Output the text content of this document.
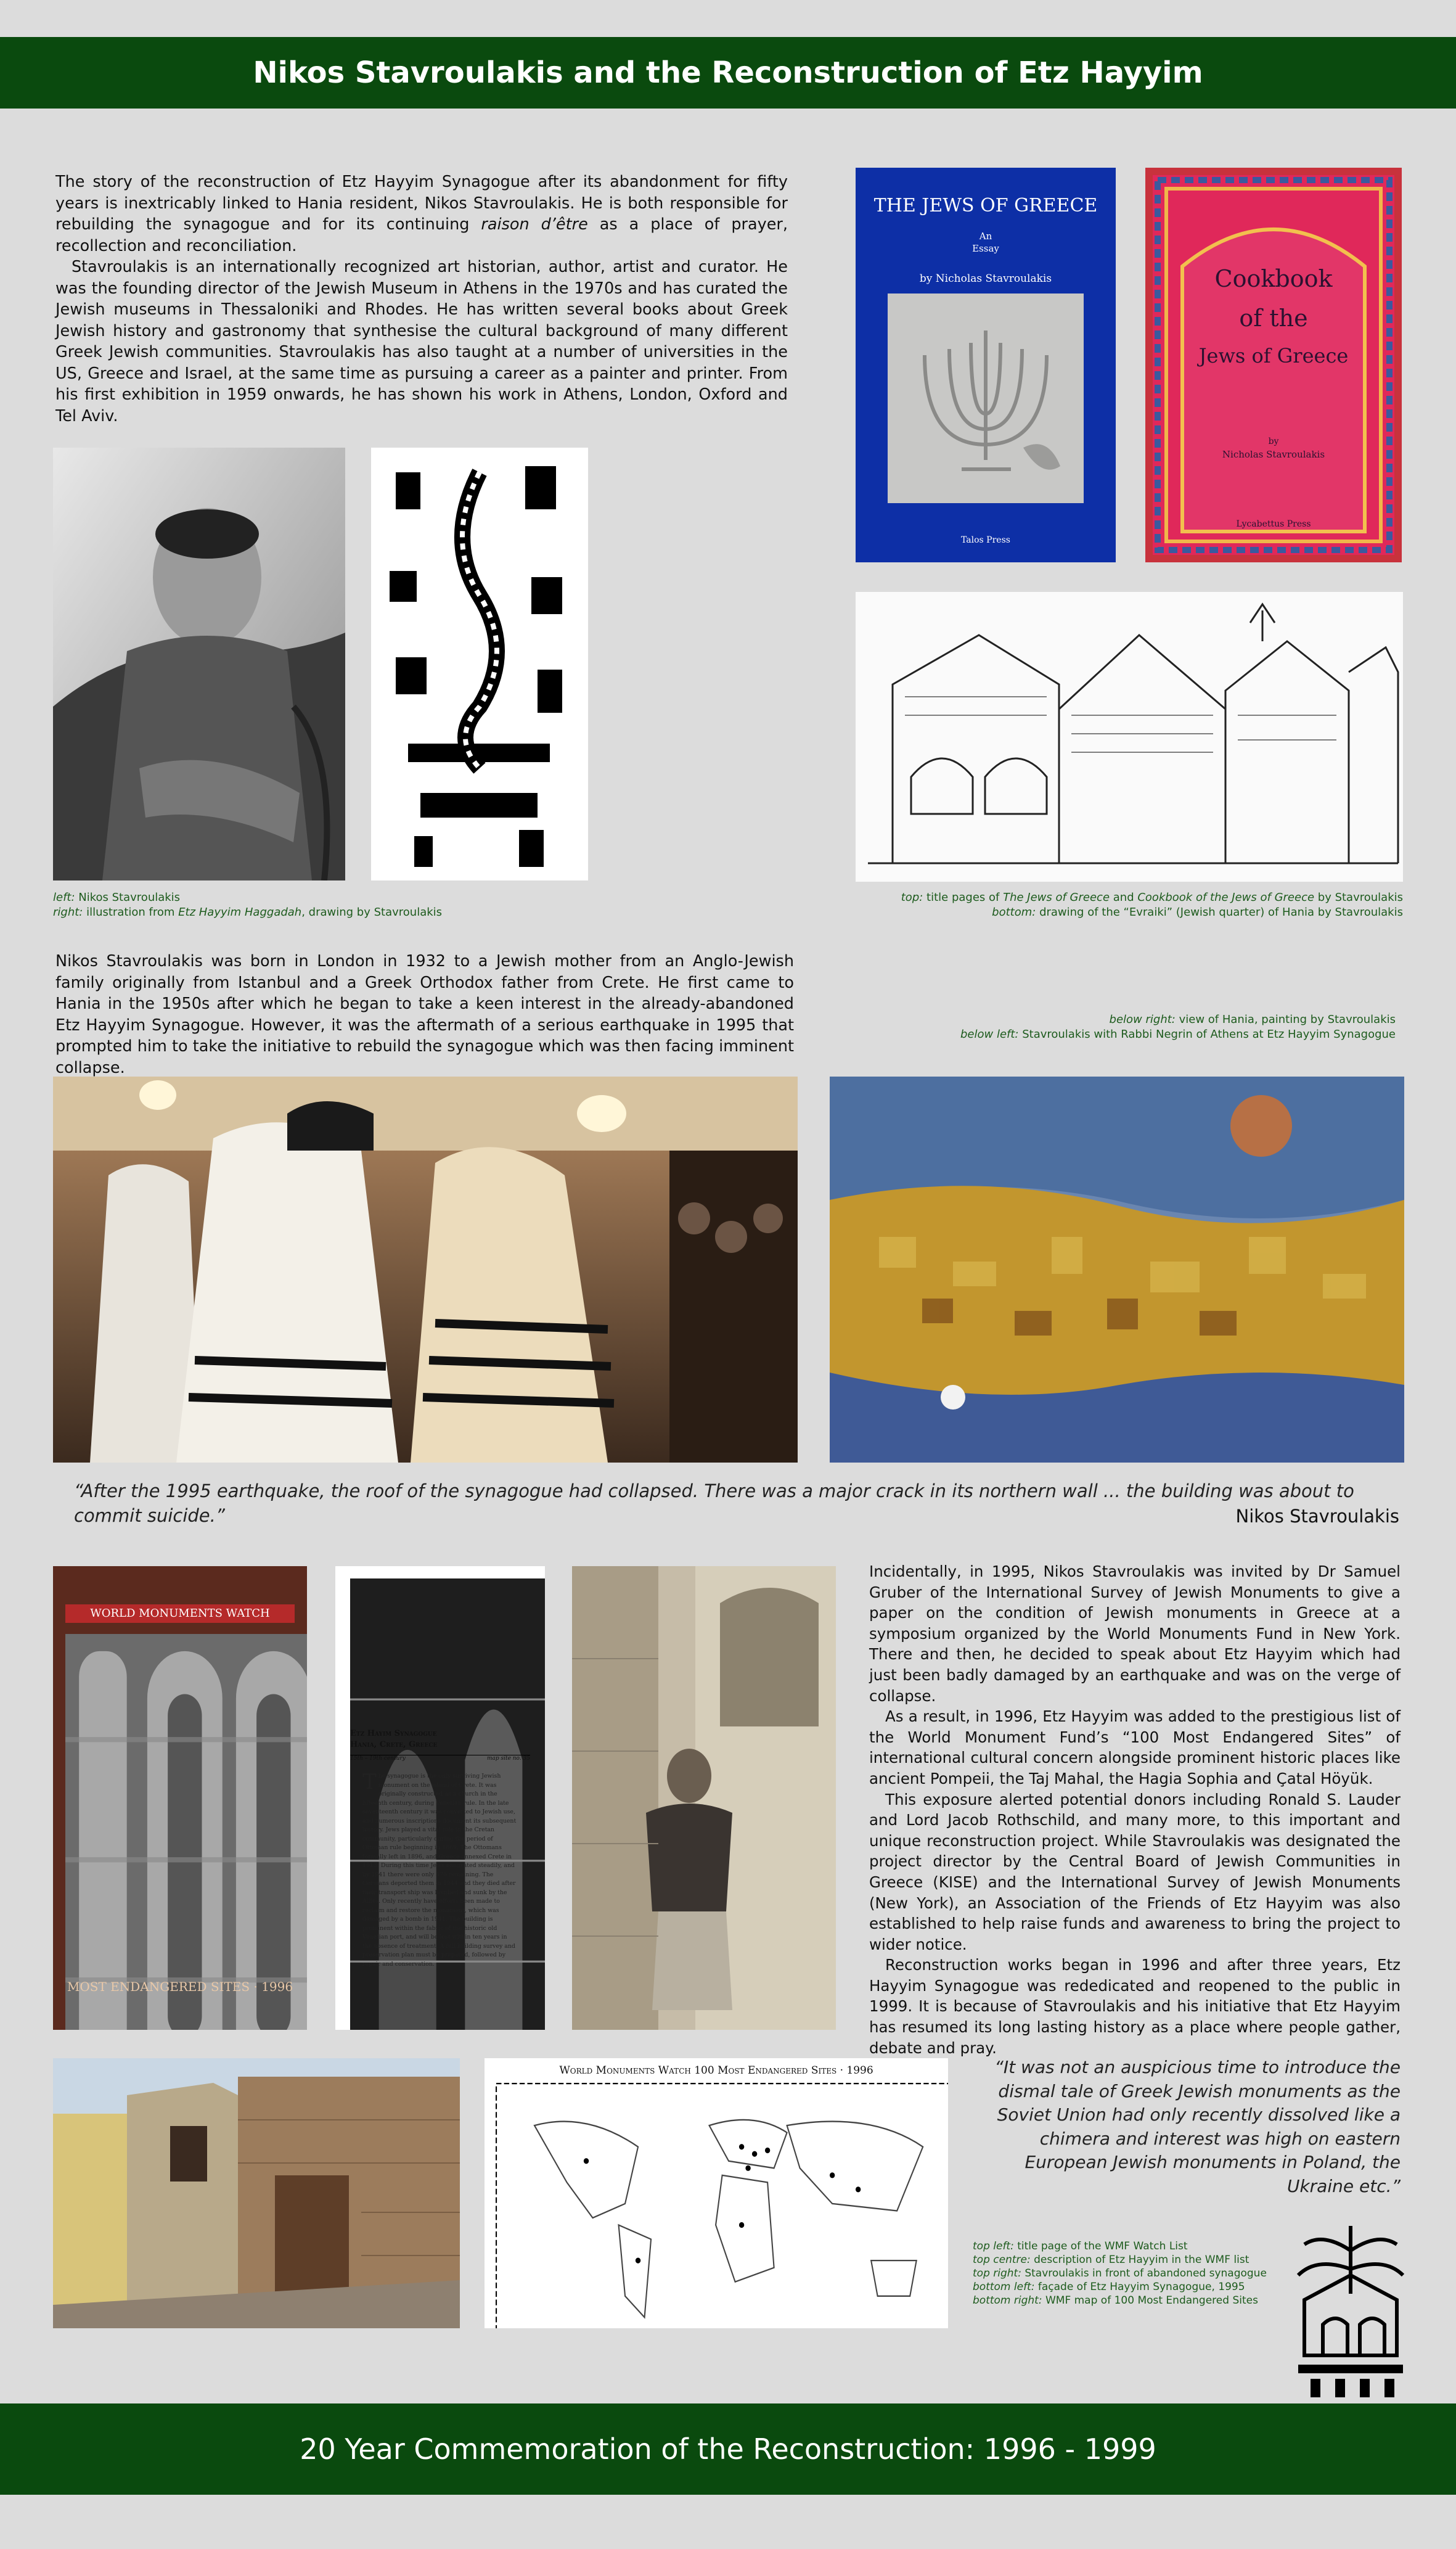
Nikos Stavroulakis and the Reconstruction of Etz Hayyim

The story of the reconstruction of Etz Hayyim Synagogue after its abandonment for fifty years is inextricably linked to Hania resident, Nikos Stavroulakis. He is both responsible for rebuilding the synagogue and for its continuing raison d’être as a place of prayer, recollection and reconciliation.

Stavroulakis is an internationally recognized art historian, author, artist and curator. He was the founding director of the Jewish Museum in Athens in the 1970s and has curated the Jewish museums in Thessaloniki and Rhodes. He has written several books about Greek Jewish history and gastronomy that synthesise the cultural background of many different Greek Jewish communities. Stavroulakis has also taught at a number of universities in the US, Greece and Israel, at the same time as pursuing a career as a painter and printer. From his first exhibition in 1959 onwards, he has shown his work in Athens, London, Oxford and Tel Aviv.

THE JEWS OF GREECE
An
Essay
by Nicholas Stavroulakis
Talos Press
Cookbook
of the
Jews of Greece
by
Nicholas Stavroulakis
Lycabettus Press
left: Nikos Stavroulakis
right: illustration from Etz Hayyim Haggadah, drawing by Stavroulakis
top: title pages of The Jews of Greece and Cookbook of the Jews of Greece by Stavroulakis
bottom: drawing of the “Evraiki” (Jewish quarter) of Hania by Stavroulakis

Nikos Stavroulakis was born in London in 1932 to a Jewish mother from an Anglo-Jewish family originally from Istanbul and a Greek Orthodox father from Crete. He first came to Hania in the 1950s after which he began to take a keen interest in the already-abandoned Etz Hayyim Synagogue. However, it was the aftermath of a serious earthquake in 1995 that prompted him to take the initiative to rebuild the synagogue which was then facing imminent collapse.

below right: view of Hania, painting by Stavroulakis
below left: Stavroulakis with Rabbi Negrin of Athens at Etz Hayyim Synagogue
“After the 1995 earthquake, the roof of the synagogue had collapsed. There was a major crack in its northern wall ... the building was about to commit suicide.”	Nikos Stavroulakis
WORLD MONUMENTS WATCH
MOST ENDANGERED SITES · 1996
Etz Hayim Synagogue
Hania, Crete, Greece
15th – 19th century	map site no. 35
The synagogue is the only surviving Jewish monument on the island of Crete. It was originally constructed as a church in the fifteenth century, during Venetian rule. In the late seventeenth century it was converted to Jewish use, and numerous inscriptions document its subsequent history. Jews played a vital role in the Cretan community, particularly during the period of Ottoman rule beginning in 1669. The Ottomans formally left in 1896, and Greece annexed Crete in 1913. During this time Jews emigrated steadily, and by 1941 there were only 376 remaining. The Germans deported them in 1944 and they died after their transport ship was bombed and sunk by the Allies. Only recently have efforts been made to reclaim and restore the monument, which was damaged by a bomb in 1941. The building is prominent within the fabric of the historic old Venetian port, and will be lost within ten years in the absence of treatment. A full building survey and preservation plan must be prepared, followed by repair and conservation.

Incidentally, in 1995, Nikos Stavroulakis was invited by Dr Samuel Gruber of the International Survey of Jewish Monuments to give a paper on the condition of Jewish monuments in Greece at a symposium organized by the World Monuments Fund in New York. There and then, he decided to speak about Etz Hayyim which had just been badly damaged by an earthquake and was on the verge of collapse.

As a result, in 1996, Etz Hayyim was added to the prestigious list of the World Monument Fund’s “100 Most Endangered Sites” of international cultural concern alongside prominent historic places like ancient Pompeii, the Taj Mahal, the Hagia Sophia and Çatal Höyük.

This exposure alerted potential donors including Ronald S. Lauder and Lord Jacob Rothschild, and many more, to this important and unique reconstruction project. While Stavroulakis was designated the project director by the Central Board of Jewish Communities in Greece (KISE) and the International Survey of Jewish Monuments (New York), an Association of the Friends of Etz Hayyim was also established to help raise funds and awareness to bring the project to wider notice.

Reconstruction works began in 1996 and after three years, Etz Hayyim Synagogue was rededicated and reopened to the public in 1999. It is because of Stavroulakis and his initiative that Etz Hayyim has resumed its long lasting history as a place where people gather, debate and pray.

World Monuments Watch 100 Most Endangered Sites · 1996	“It was not an auspicious time to introduce the dismal tale of Greek Jewish monuments as the Soviet Union had only recently dissolved like a chimera and interest was high on eastern European Jewish monuments in Poland, the Ukraine etc.”
top left: title page of the WMF Watch List
top centre: description of Etz Hayyim in the WMF list
top right: Stavroulakis in front of abandoned synagogue
bottom left: façade of Etz Hayyim Synagogue, 1995
bottom right: WMF map of 100 Most Endangered Sites
20 Year Commemoration of the Reconstruction: 1996 - 1999
